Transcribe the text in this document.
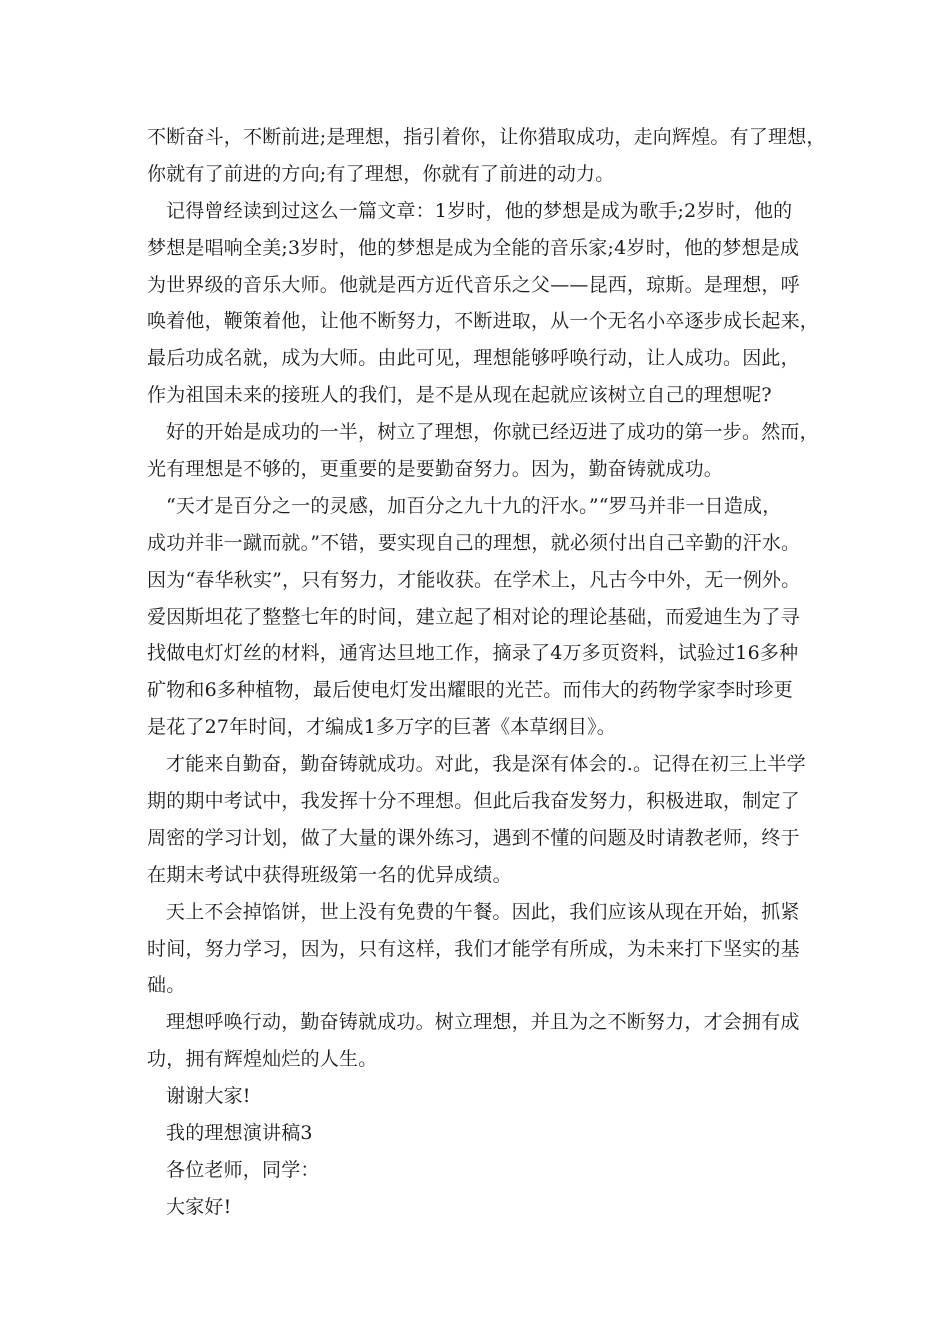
不断奋斗，不断前进;是理想，指引着你，让你猎取成功，走向辉煌。有了理想，
你就有了前进的方向;有了理想，你就有了前进的动力。
记得曾经读到过这么一篇文章：1岁时，他的梦想是成为歌手;2岁时，他的
梦想是唱响全美;3岁时，他的梦想是成为全能的音乐家;4岁时，他的梦想是成
为世界级的音乐大师。他就是西方近代音乐之父——昆西，琼斯。是理想，呼
唤着他，鞭策着他，让他不断努力，不断进取，从一个无名小卒逐步成长起来，
最后功成名就，成为大师。由此可见，理想能够呼唤行动，让人成功。因此，
作为祖国未来的接班人的我们，是不是从现在起就应该树立自己的理想呢?
好的开始是成功的一半，树立了理想，你就已经迈进了成功的第一步。然而，
光有理想是不够的，更重要的是要勤奋努力。因为，勤奋铸就成功。
“天才是百分之一的灵感，加百分之九十九的汗水。”“罗马并非一日造成，
成功并非一蹴而就。”不错，要实现自己的理想，就必须付出自己辛勤的汗水。
因为“春华秋实”，只有努力，才能收获。在学术上，凡古今中外，无一例外。
爱因斯坦花了整整七年的时间，建立起了相对论的理论基础，而爱迪生为了寻
找做电灯灯丝的材料，通宵达旦地工作，摘录了4万多页资料，试验过16多种
矿物和6多种植物，最后使电灯发出耀眼的光芒。而伟大的药物学家李时珍更
是花了27年时间，才编成1多万字的巨著《本草纲目》。
才能来自勤奋，勤奋铸就成功。对此，我是深有体会的.。记得在初三上半学
期的期中考试中，我发挥十分不理想。但此后我奋发努力，积极进取，制定了
周密的学习计划，做了大量的课外练习，遇到不懂的问题及时请教老师，终于
在期末考试中获得班级第一名的优异成绩。
天上不会掉馅饼，世上没有免费的午餐。因此，我们应该从现在开始，抓紧
时间，努力学习，因为，只有这样，我们才能学有所成，为未来打下坚实的基
础。
理想呼唤行动，勤奋铸就成功。树立理想，并且为之不断努力，才会拥有成
功，拥有辉煌灿烂的人生。
谢谢大家!
我的理想演讲稿3
各位老师，同学：
大家好!
